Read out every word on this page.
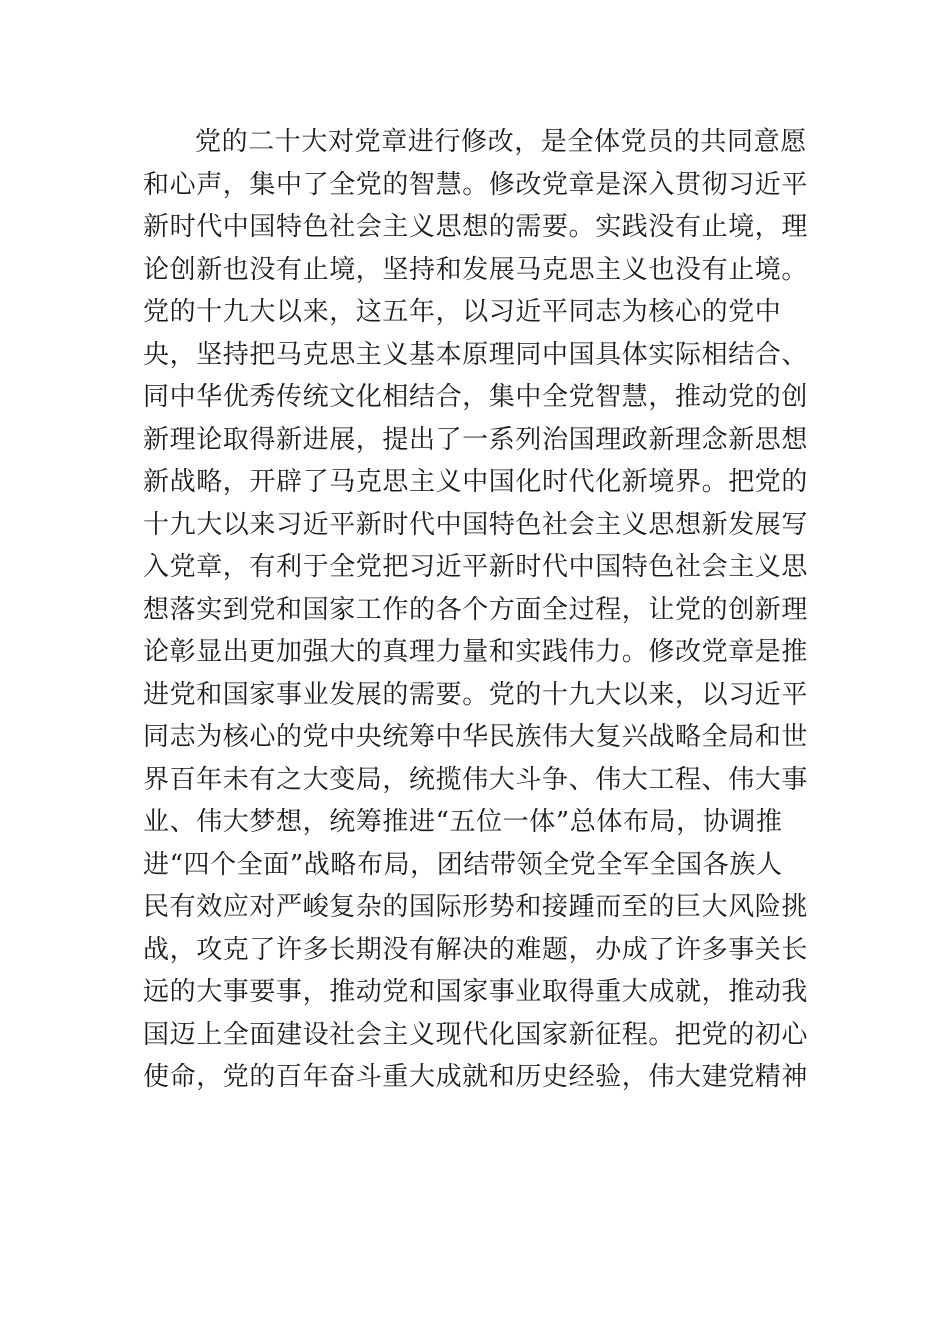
党的二十大对党章进行修改，是全体党员的共同意愿
和心声，集中了全党的智慧。修改党章是深入贯彻习近平
新时代中国特色社会主义思想的需要。实践没有止境，理
论创新也没有止境，坚持和发展马克思主义也没有止境。
党的十九大以来，这五年，以习近平同志为核心的党中
央，坚持把马克思主义基本原理同中国具体实际相结合、
同中华优秀传统文化相结合，集中全党智慧，推动党的创
新理论取得新进展，提出了一系列治国理政新理念新思想
新战略，开辟了马克思主义中国化时代化新境界。把党的
十九大以来习近平新时代中国特色社会主义思想新发展写
入党章，有利于全党把习近平新时代中国特色社会主义思
想落实到党和国家工作的各个方面全过程，让党的创新理
论彰显出更加强大的真理力量和实践伟力。修改党章是推
进党和国家事业发展的需要。党的十九大以来，以习近平
同志为核心的党中央统筹中华民族伟大复兴战略全局和世
界百年未有之大变局，统揽伟大斗争、伟大工程、伟大事
业、伟大梦想，统筹推进“五位一体”总体布局，协调推
进“四个全面”战略布局，团结带领全党全军全国各族人
民有效应对严峻复杂的国际形势和接踵而至的巨大风险挑
战，攻克了许多长期没有解决的难题，办成了许多事关长
远的大事要事，推动党和国家事业取得重大成就，推动我
国迈上全面建设社会主义现代化国家新征程。把党的初心
使命，党的百年奋斗重大成就和历史经验，伟大建党精神
